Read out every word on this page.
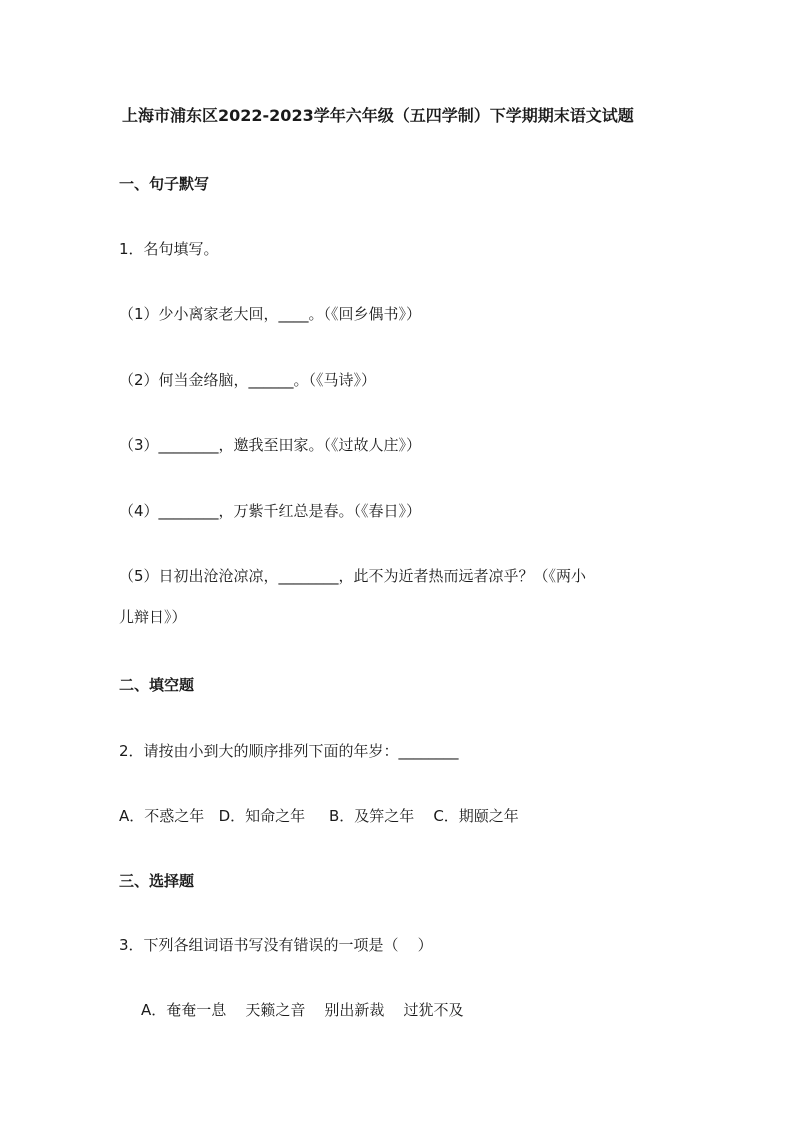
上海市浦东区2022-2023学年六年级（五四学制）下学期期末语文试题
一、句子默写
1．名句填写。
（1）少小离家老大回，____。（《回乡偶书》）
（2）何当金络脑，______。（《马诗》）
（3）________，邀我至田家。（《过故人庄》）
（4）________，万紫千红总是春。（《春日》）
（5）日初出沧沧凉凉，________，此不为近者热而远者凉乎？（《两小
儿辩日》）
二、填空题
2．请按由小到大的顺序排列下面的年岁：________
A．不惑之年   D．知命之年     B．及笄之年    C．期颐之年
三、选择题
3．下列各组词语书写没有错误的一项是（    ）
A．奄奄一息    天籁之音    别出新裁    过犹不及
